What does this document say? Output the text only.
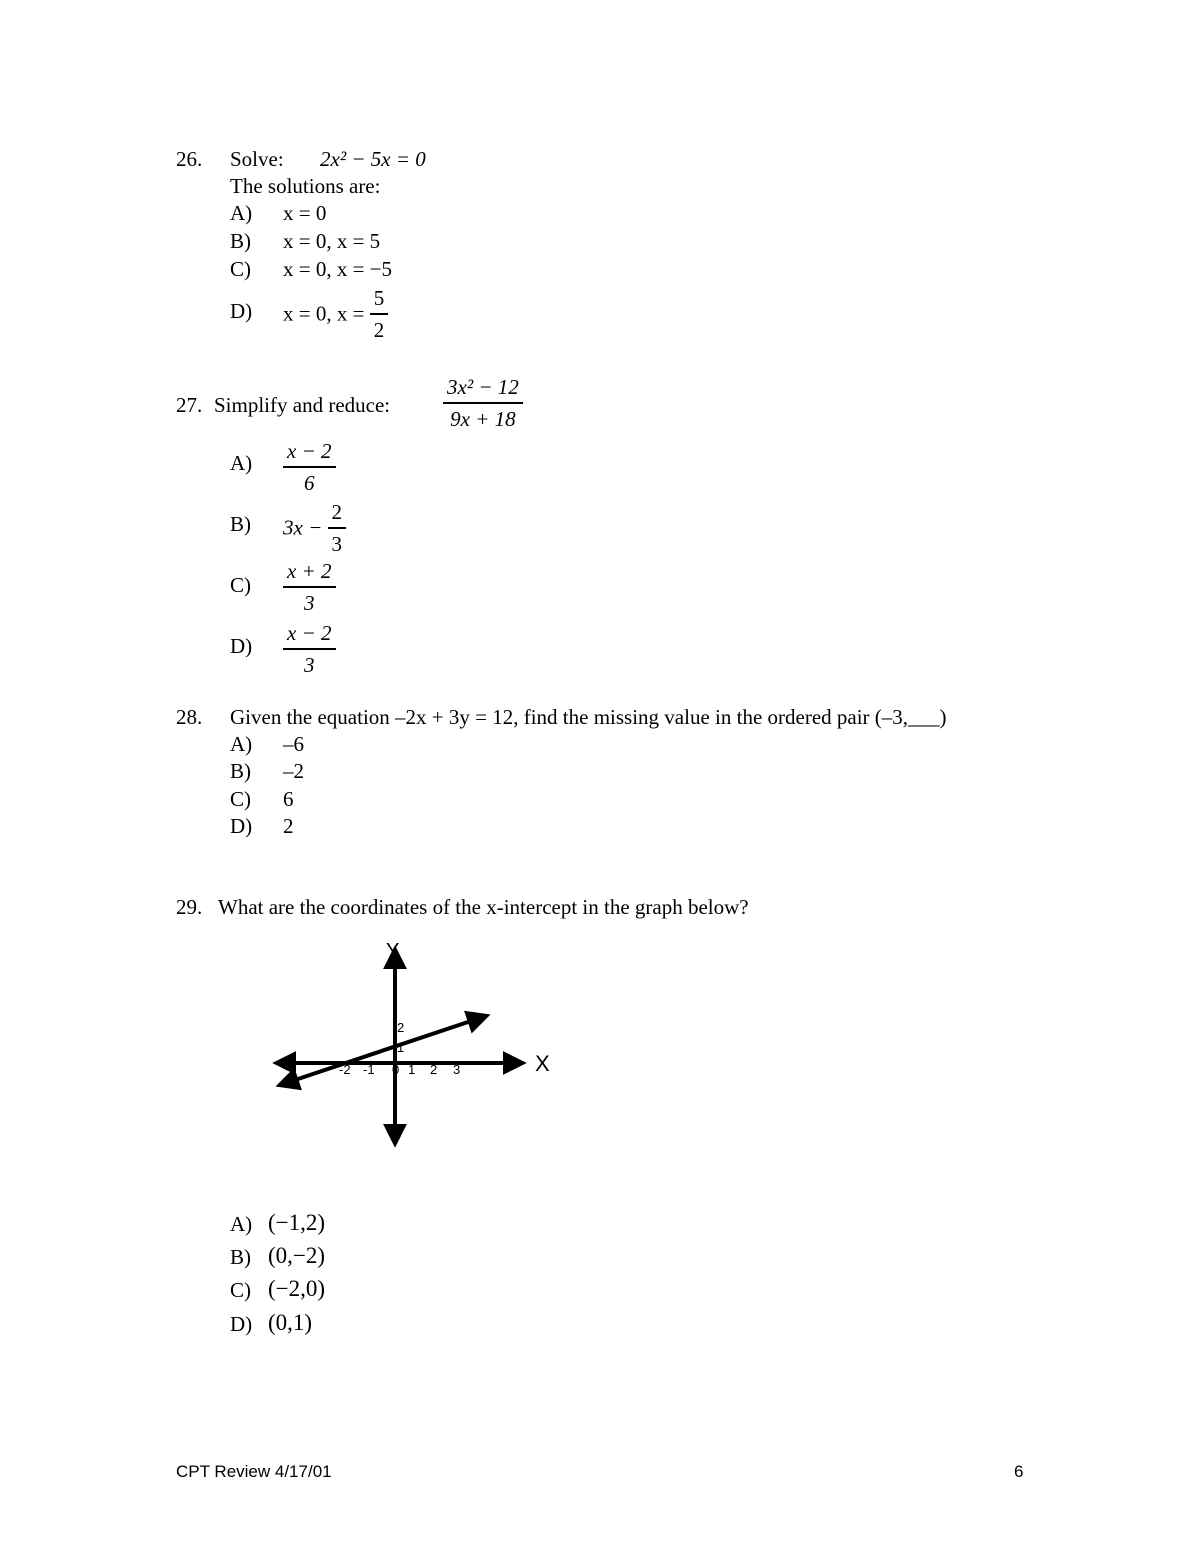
26. Solve: 2x² − 5x = 0
The solutions are:
A) x = 0
B) x = 0, x = 5
C) x = 0, x = −5
D) x = 0, $x = \frac{5}{2}$
27. Simplify and reduce:	$\frac{\text{3x² − 12}}{9x + 18}$
$A) \frac{x - 2}{6}$
B) $3x - \frac{2}{3}$
$C) \frac{x + 2}{3}$
$D) \frac{x - 2}{3}$
28. Given the equation –2x + 3y = 12, find the missing value in the ordered pair (–3,___)
A) –6
B) –2
C) 6
D) 2
29. What are the coordinates of the x-intercept in the graph below?
Y
X
-2 -1 0 1 2 3
1
2
A) (−1,2)
B) (0,−2)
C) (−2,0)
D) (0,1)
CPT Review 4/17/01	6
